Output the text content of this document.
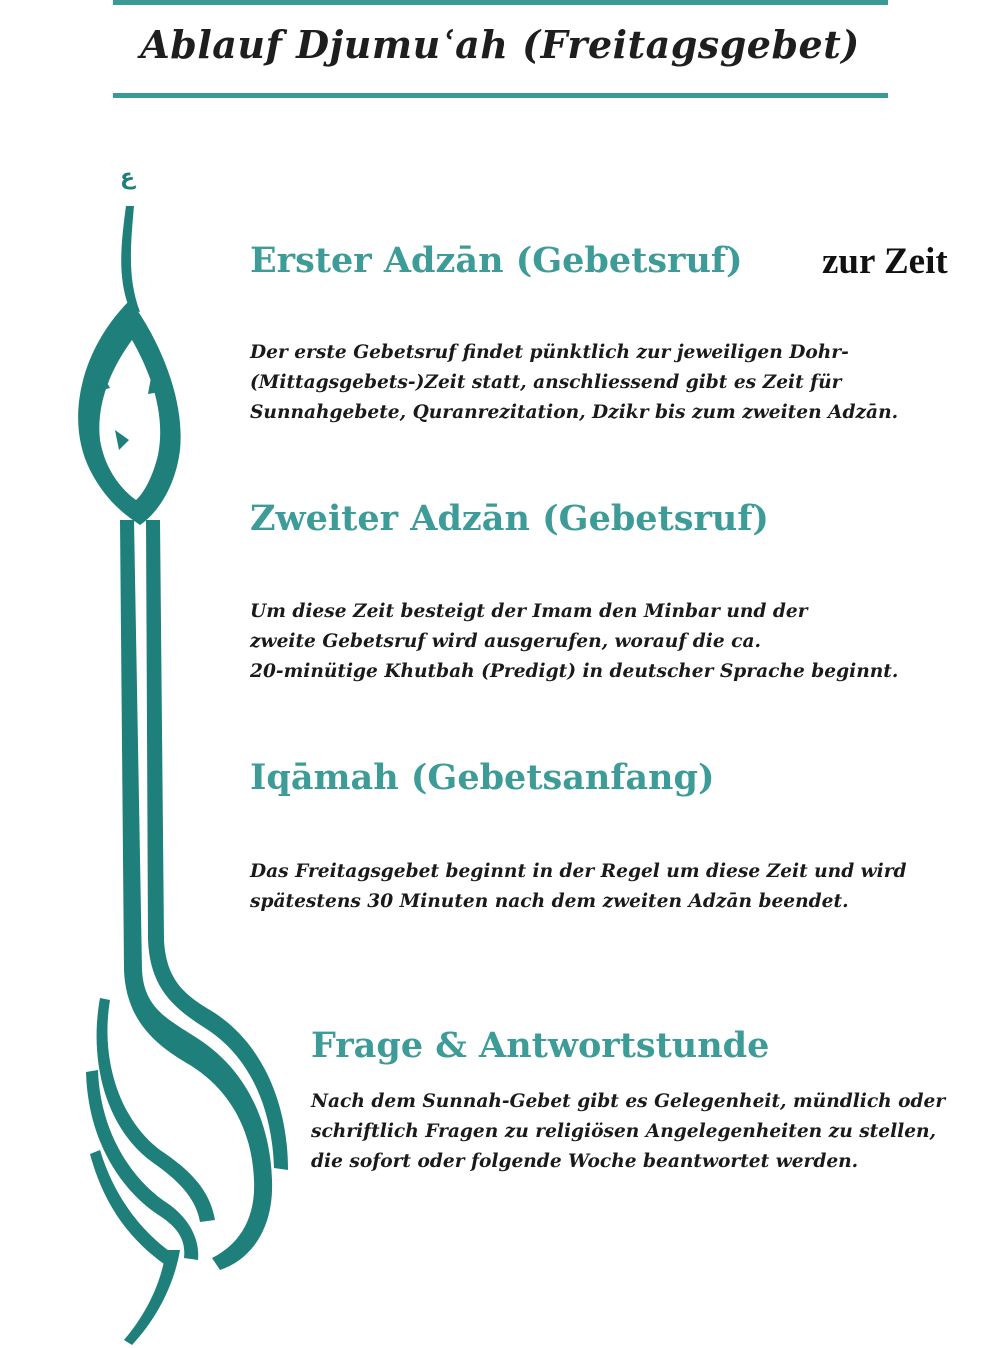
Ablauf Djumuʿah (Freitagsgebet)
ع

zur Zeit

Erster Adzān (Gebetsruf)

Der erste Gebetsruf findet pünktlich zur jeweiligen Dohr-
(Mittagsgebets-)Zeit statt, anschliessend gibt es Zeit für
Sunnahgebete, Quranrezitation, Dzikr bis zum zweiten Adzān.

Zweiter Adzān (Gebetsruf)

Um diese Zeit besteigt der Imam den Minbar und der
zweite Gebetsruf wird ausgerufen, worauf die ca.
20-minütige Khutbah (Predigt) in deutscher Sprache beginnt.

Iqāmah (Gebetsanfang)

Das Freitagsgebet beginnt in der Regel um diese Zeit und wird
spätestens 30 Minuten nach dem zweiten Adzān beendet.

Frage & Antwortstunde

Nach dem Sunnah-Gebet gibt es Gelegenheit, mündlich oder
schriftlich Fragen zu religiösen Angelegenheiten zu stellen,
die sofort oder folgende Woche beantwortet werden.
